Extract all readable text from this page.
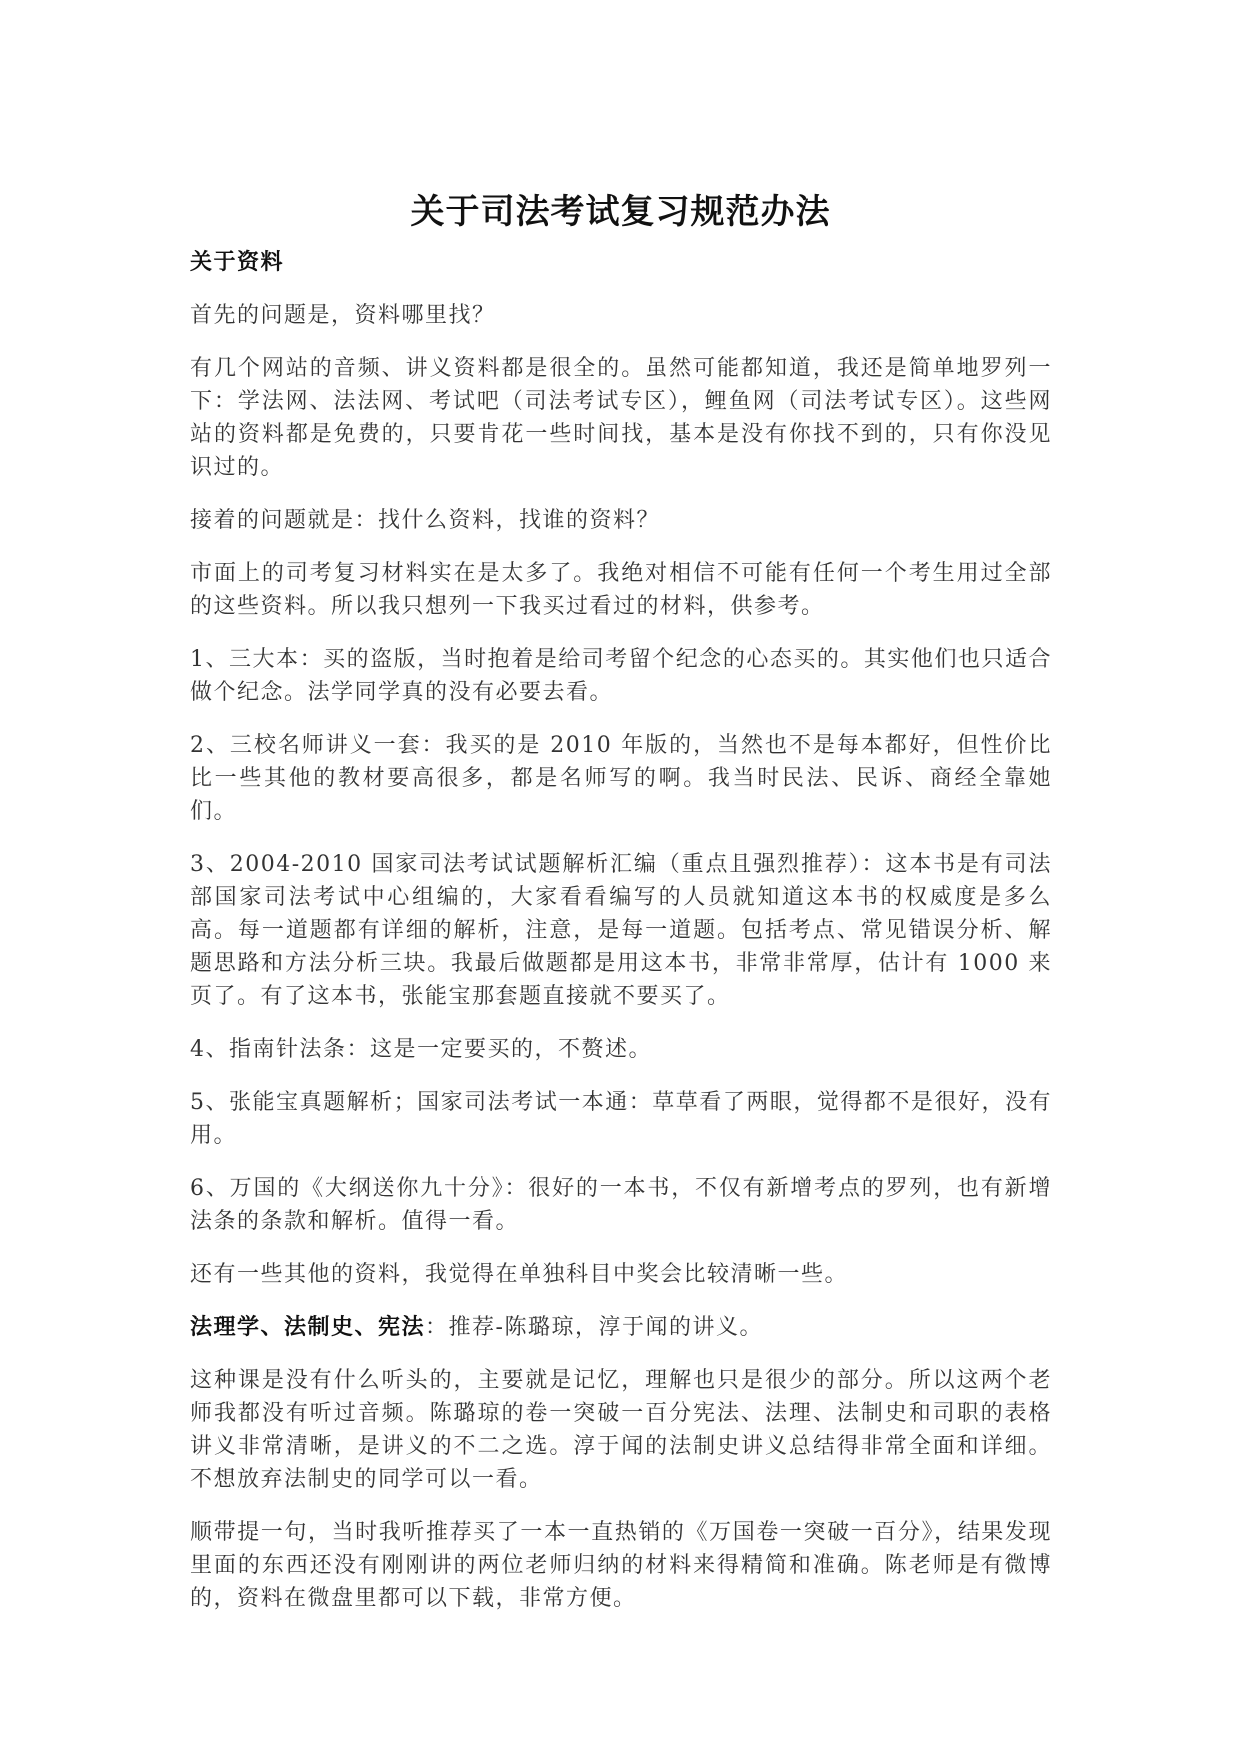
关于司法考试复习规范办法

关于资料

首先的问题是，资料哪里找？

有几个网站的音频、讲义资料都是很全的。虽然可能都知道，我还是简单地罗列一下：学法网、法法网、考试吧（司法考试专区），鲤鱼网（司法考试专区）。这些网站的资料都是免费的，只要肯花一些时间找，基本是没有你找不到的，只有你没见识过的。

接着的问题就是：找什么资料，找谁的资料？

市面上的司考复习材料实在是太多了。我绝对相信不可能有任何一个考生用过全部的这些资料。所以我只想列一下我买过看过的材料，供参考。

1、三大本：买的盗版，当时抱着是给司考留个纪念的心态买的。其实他们也只适合做个纪念。法学同学真的没有必要去看。

2、三校名师讲义一套：我买的是 2010 年版的，当然也不是每本都好，但性价比比一些其他的教材要高很多，都是名师写的啊。我当时民法、民诉、商经全靠她们。

3、2004-2010 国家司法考试试题解析汇编（重点且强烈推荐）：这本书是有司法部国家司法考试中心组编的，大家看看编写的人员就知道这本书的权威度是多么高。每一道题都有详细的解析，注意，是每一道题。包括考点、常见错误分析、解题思路和方法分析三块。我最后做题都是用这本书，非常非常厚，估计有 1000 来页了。有了这本书，张能宝那套题直接就不要买了。

4、指南针法条：这是一定要买的，不赘述。

5、张能宝真题解析；国家司法考试一本通：草草看了两眼，觉得都不是很好，没有用。

6、万国的《大纲送你九十分》：很好的一本书，不仅有新增考点的罗列，也有新增法条的条款和解析。值得一看。

还有一些其他的资料，我觉得在单独科目中奖会比较清晰一些。

法理学、法制史、宪法：推荐-陈璐琼，淳于闻的讲义。

这种课是没有什么听头的，主要就是记忆，理解也只是很少的部分。所以这两个老师我都没有听过音频。陈璐琼的卷一突破一百分宪法、法理、法制史和司职的表格讲义非常清晰，是讲义的不二之选。淳于闻的法制史讲义总结得非常全面和详细。不想放弃法制史的同学可以一看。

顺带提一句，当时我听推荐买了一本一直热销的《万国卷一突破一百分》，结果发现里面的东西还没有刚刚讲的两位老师归纳的材料来得精简和准确。陈老师是有微博的，资料在微盘里都可以下载，非常方便。
